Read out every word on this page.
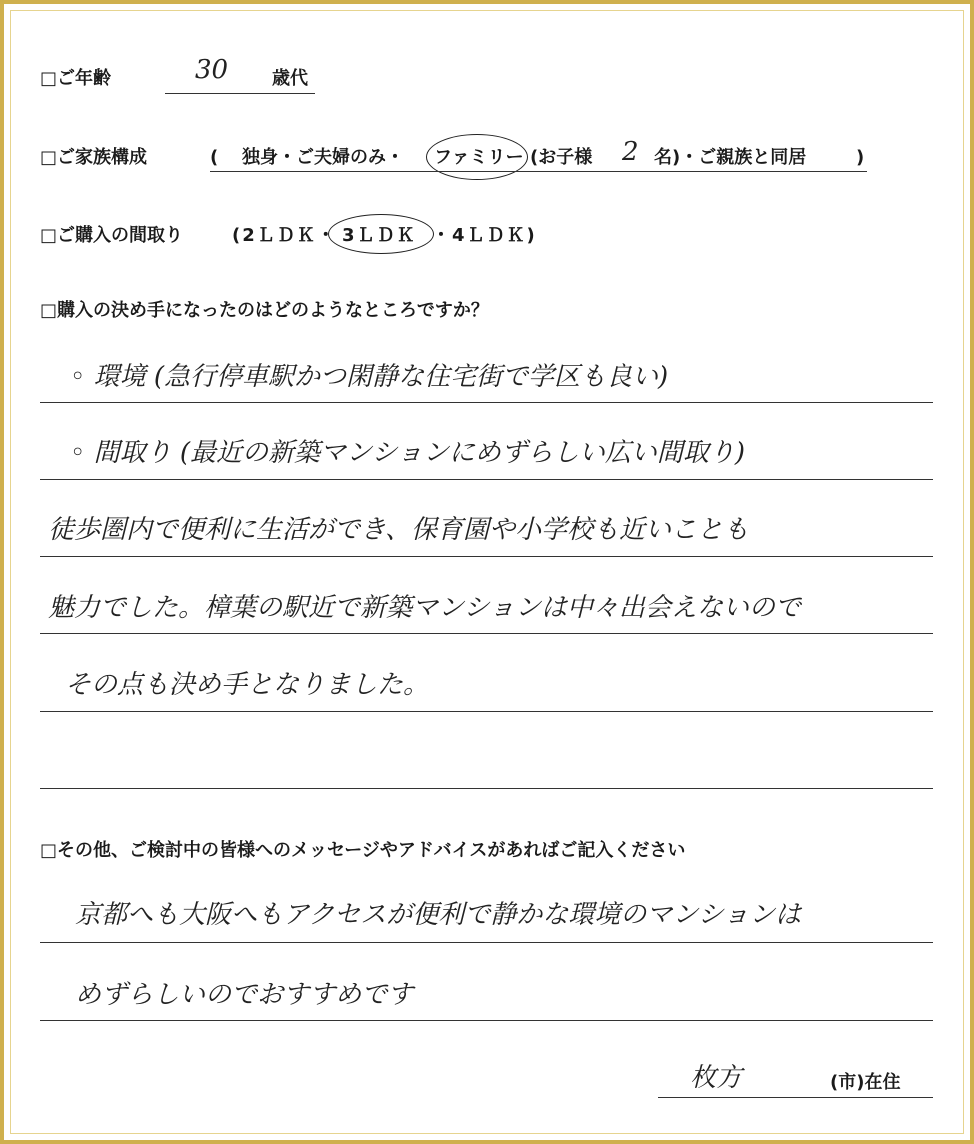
□ご年齢	30 歳代
□ご家族構成	( 独身・ご夫婦のみ・ ファミリー (お子様 2 名)・ご親族と同居	)
□ご購入の間取り	(2ＬＤＫ・ 3ＬＤＫ ・4ＬＤＫ)
□購入の決め手になったのはどのようなところですか？
◦ 環境 (急行停車駅かつ閑静な住宅街で学区も良い)
◦ 間取り (最近の新築マンションにめずらしい広い間取り)
徒歩圏内で便利に生活ができ、保育園や小学校も近いことも
魅力でした。樟葉の駅近で新築マンションは中々出会えないので
その点も決め手となりました。
□その他、ご検討中の皆様へのメッセージやアドバイスがあればご記入ください
京都へも大阪へもアクセスが便利で静かな環境のマンションは
めずらしいのでおすすめです
枚方	(市)在住
